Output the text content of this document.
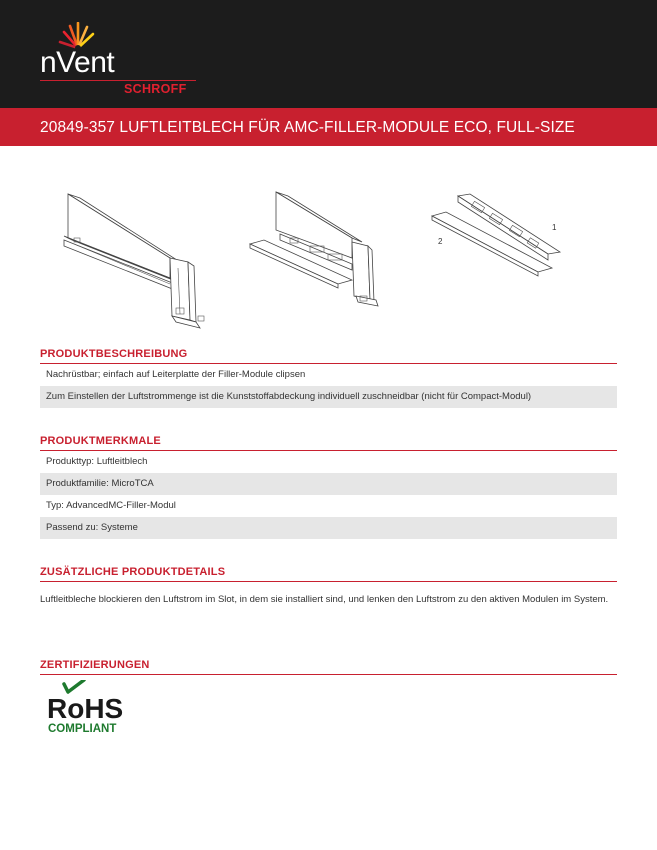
nVent
SCHROFF
20849-357 LUFTLEITBLECH FÜR AMC-FILLER-MODULE ECO, FULL-SIZE
1
2
PRODUKTBESCHREIBUNG
Nachrüstbar; einfach auf Leiterplatte der Filler-Module clipsen
Zum Einstellen der Luftstrommenge ist die Kunststoffabdeckung individuell zuschneidbar (nicht für Compact-Modul)
PRODUKTMERKMALE
Produkttyp: Luftleitblech
Produktfamilie: MicroTCA
Typ: AdvancedMC-Filler-Modul
Passend zu: Systeme
ZUSÄTZLICHE PRODUKTDETAILS
Luftleitbleche blockieren den Luftstrom im Slot, in dem sie installiert sind, und lenken den Luftstrom zu den aktiven Modulen im System.
ZERTIFIZIERUNGEN
RoHS
COMPLIANT
